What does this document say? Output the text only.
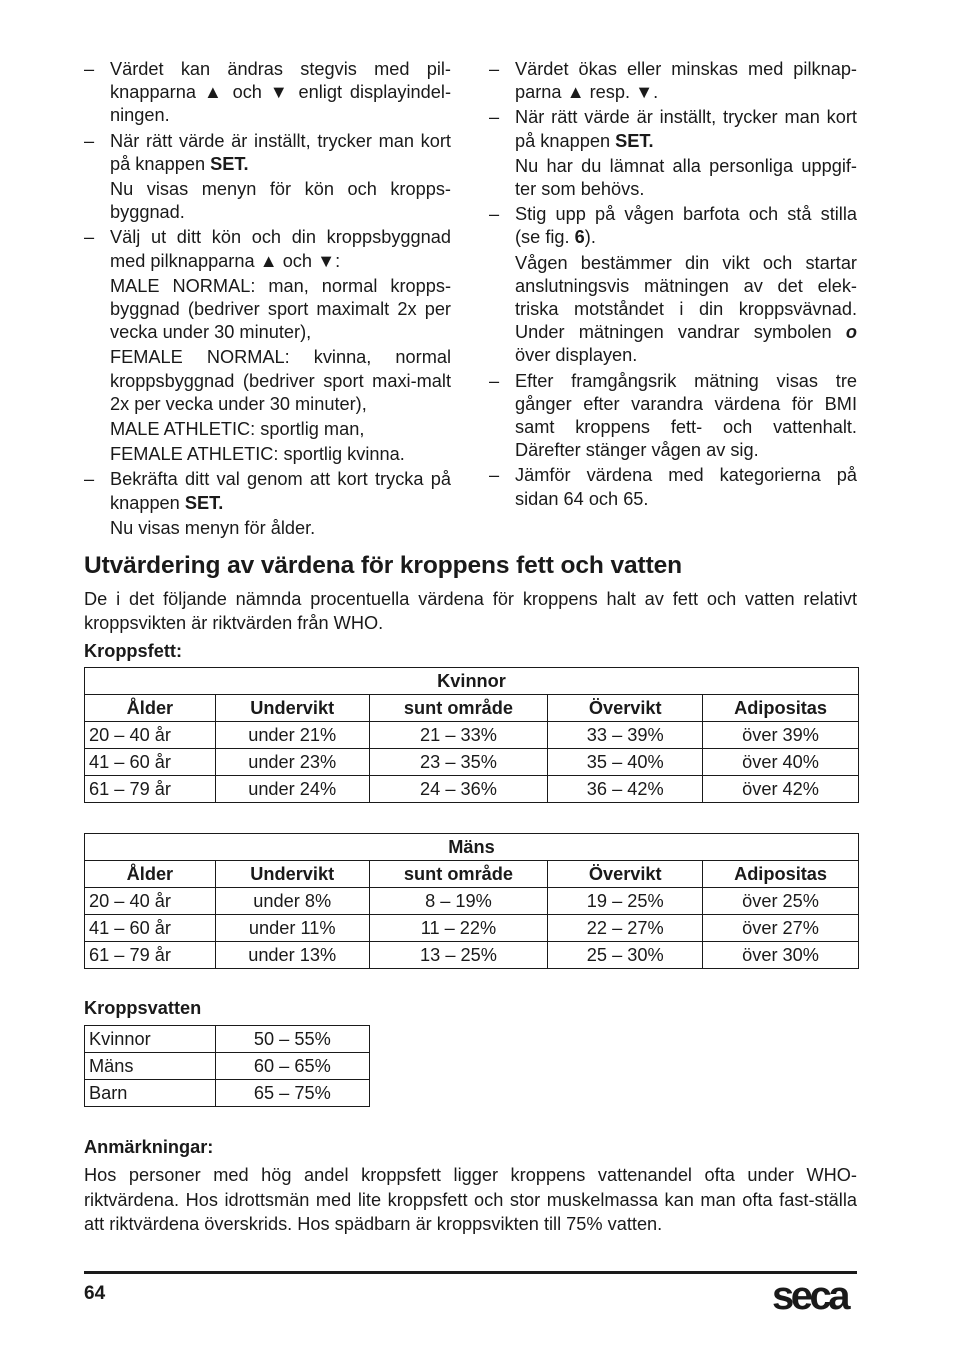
– Värdet kan ändras stegvis med pil-knapparna ▲ och ▼ enligt displayindel-ningen.
– När rätt värde är inställt, trycker man kort på knappen SET.
Nu visas menyn för kön och kropps-byggnad.
– Välj ut ditt kön och din kroppsbyggnad med pilknapparna ▲ och ▼:
MALE NORMAL: man, normal kropps-byggnad (bedriver sport maximalt 2x per vecka under 30 minuter),
FEMALE NORMAL: kvinna, normal kroppsbyggnad (bedriver sport maxi-malt 2x per vecka under 30 minuter),
MALE ATHLETIC: sportlig man,
FEMALE ATHLETIC: sportlig kvinna.
– Bekräfta ditt val genom att kort trycka på knappen SET.
Nu visas menyn för ålder.
– Värdet ökas eller minskas med pilknap-parna ▲ resp. ▼.
– När rätt värde är inställt, trycker man kort på knappen SET.
Nu har du lämnat alla personliga uppgif-ter som behövs.
– Stig upp på vågen barfota och stå stilla (se fig. 6).
Vågen bestämmer din vikt och startar anslutningsvis mätningen av det elek-triska motståndet i din kroppsvävnad. Under mätningen vandrar symbolen o över displayen.
– Efter framgångsrik mätning visas tre gånger efter varandra värdena för BMI samt kroppens fett- och vattenhalt. Därefter stänger vågen av sig.
– Jämför värdena med kategorierna på sidan 64 och 65.
Utvärdering av värdena för kroppens fett och vatten
De i det följande nämnda procentuella värdena för kroppens halt av fett och vatten relativt kroppsvikten är riktvärden från WHO.
Kroppsfett:
Kvinnor				
Ålder	Undervikt	sunt område	Övervikt	Adipositas
20 – 40 år	under 21%	21 – 33%	33 – 39%	över 39%
41 – 60 år	under 23%	23 – 35%	35 – 40%	över 40%
61 – 79 år	under 24%	24 – 36%	36 – 42%	över 42%
Mäns				
Ålder	Undervikt	sunt område	Övervikt	Adipositas
20 – 40 år	under 8%	8 – 19%	19 – 25%	över 25%
41 – 60 år	under 11%	11 – 22%	22 – 27%	över 27%
61 – 79 år	under 13%	13 – 25%	25 – 30%	över 30%
Kroppsvatten
Kvinnor	50 – 55%
Mäns	60 – 65%
Barn	65 – 75%
Anmärkningar:
Hos personer med hög andel kroppsfett ligger kroppens vattenandel ofta under WHO-riktvärdena. Hos idrottsmän med lite kroppsfett och stor muskelmassa kan man ofta fast-ställa att riktvärdena överskrids. Hos spädbarn är kroppsvikten till 75% vatten.
64	seca
